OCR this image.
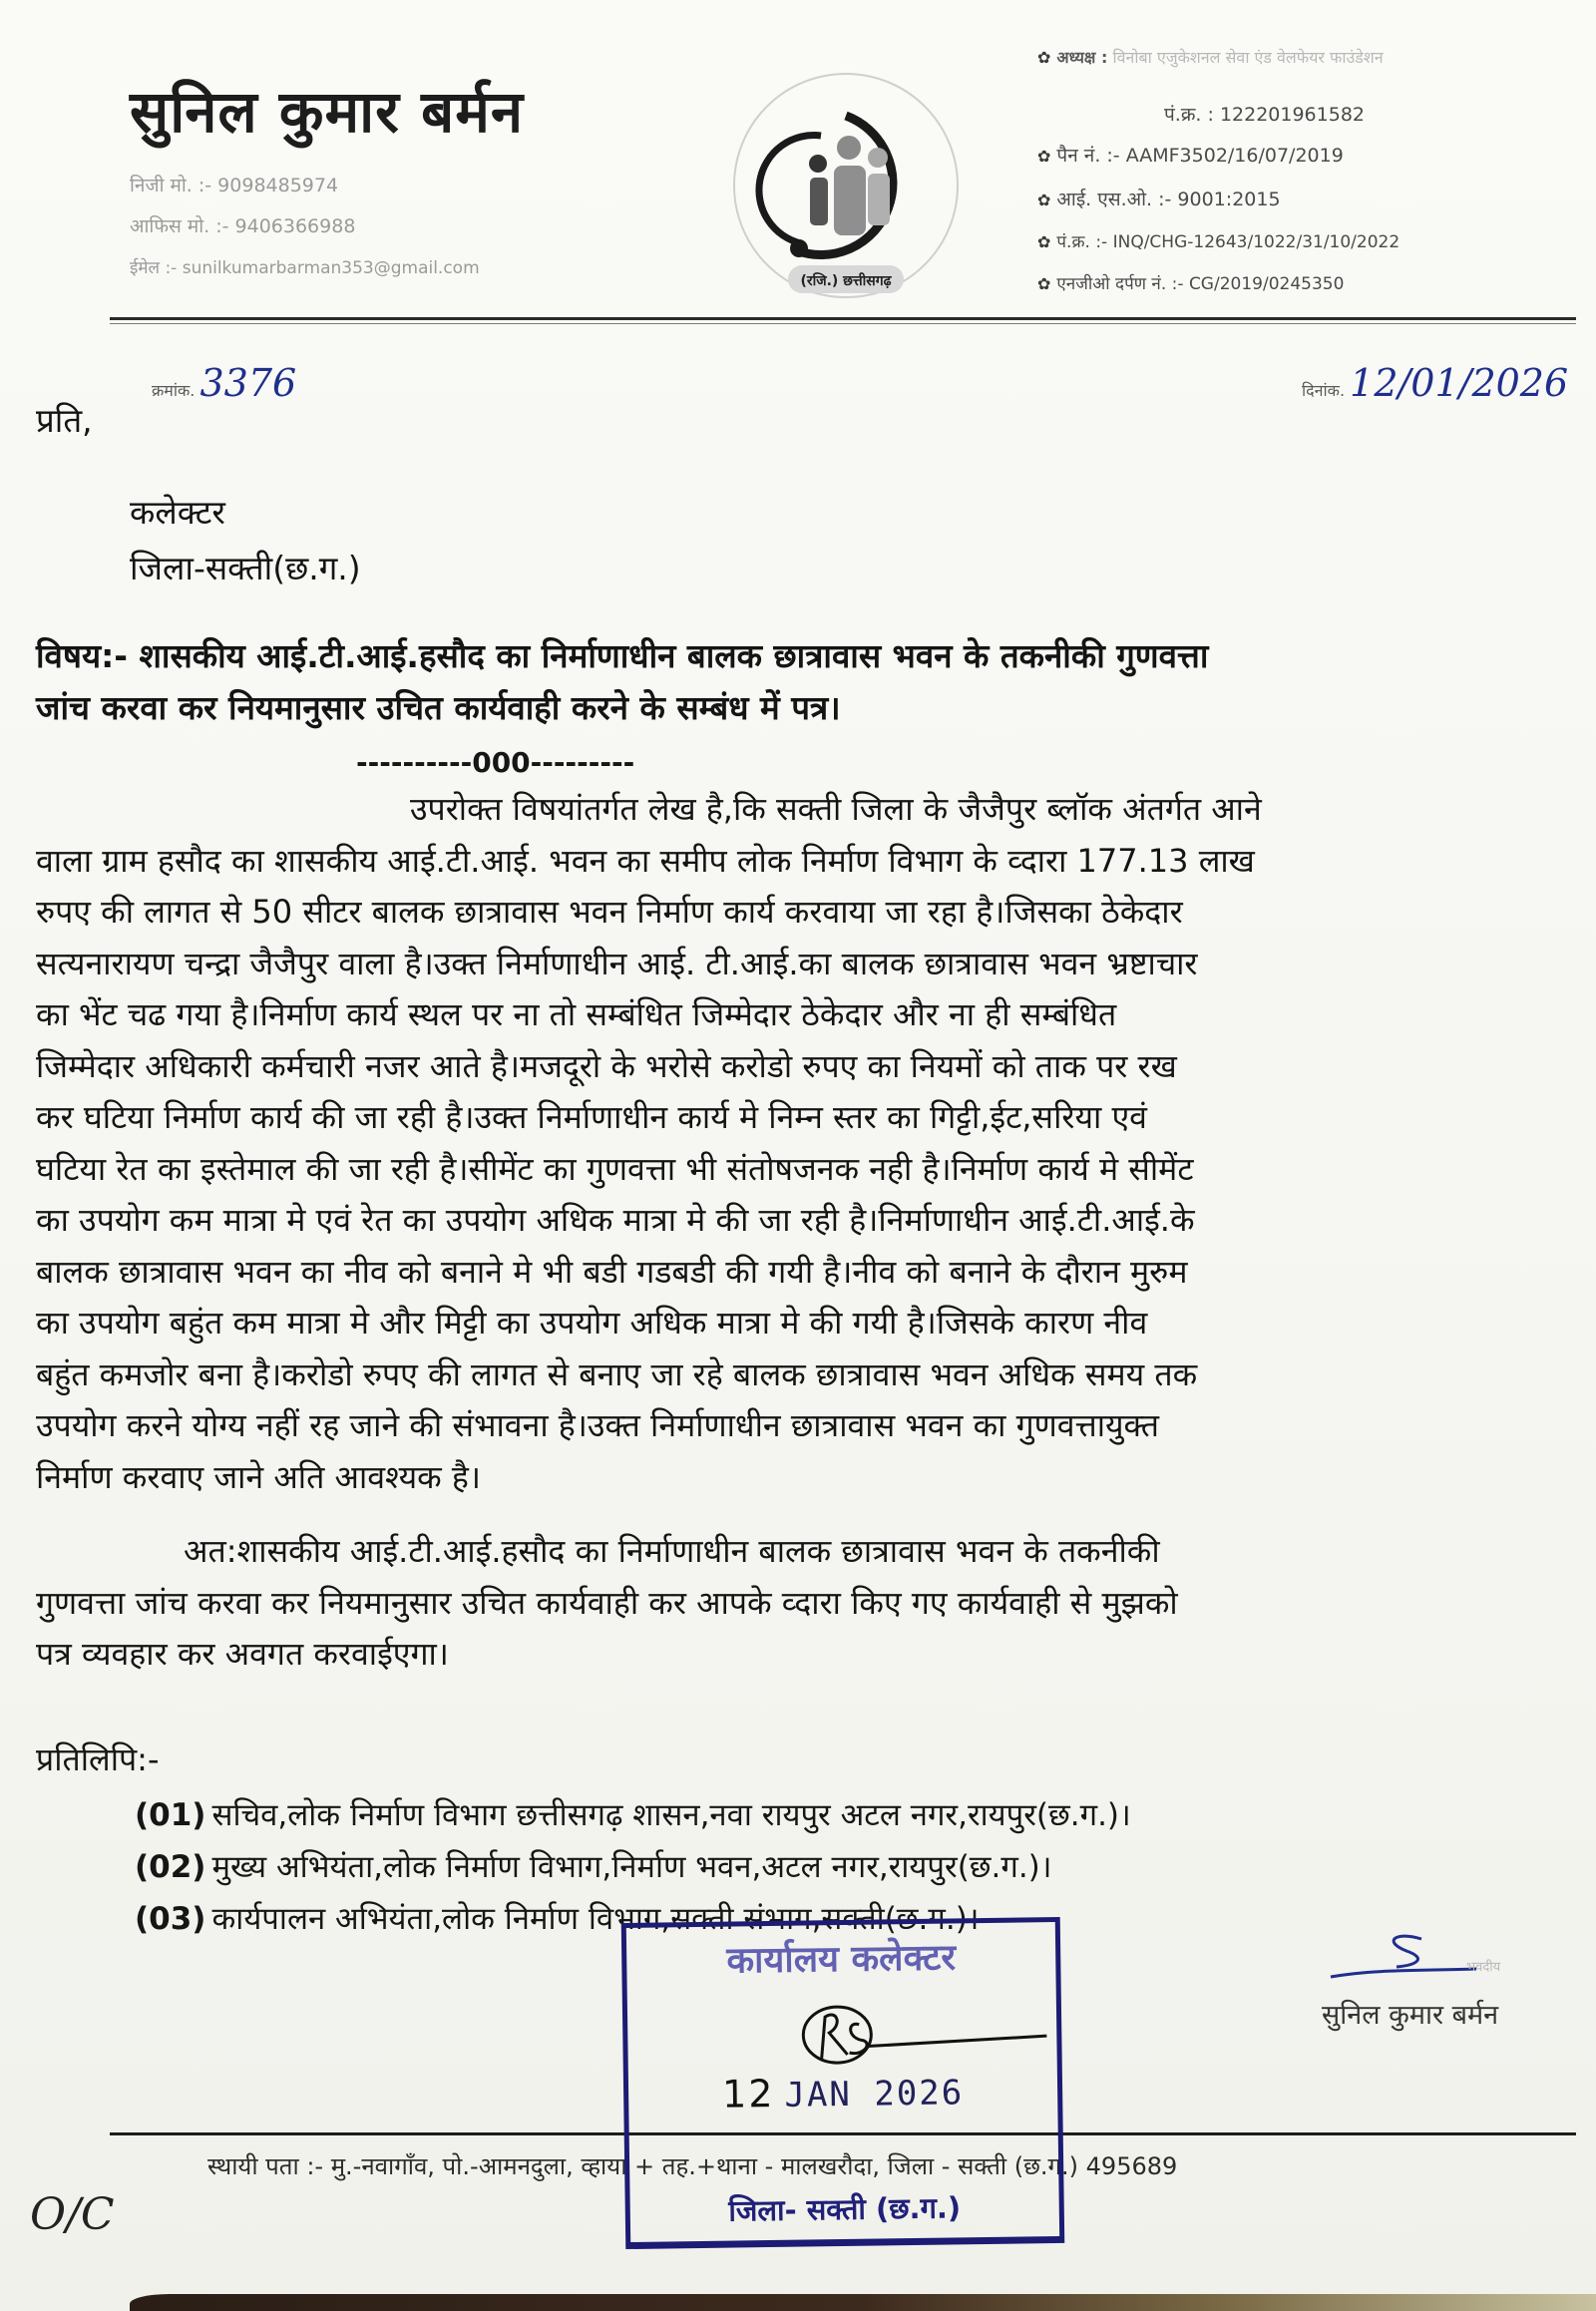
सुनिल कुमार बर्मन
निजी मो. :- 9098485974
आफिस मो. :- 9406366988
ईमेल :- sunilkumarbarman353@gmail.com
(रजि.) छत्तीसगढ़
✿ अध्यक्ष : विनोबा एजुकेशनल सेवा एंड वेलफेयर फाउंडेशन
पं.क्र. : 122201961582
✿ पैन नं. :- AAMF3502/16/07/2019
✿ आई. एस.ओ. :- 9001:2015
✿ पं.क्र. :- INQ/CHG-12643/1022/31/10/2022
✿ एनजीओ दर्पण नं. :- CG/2019/0245350
क्रमांक. 3376	दिनांक. 12/01/2026
प्रति,
कलेक्टर
जिला-सक्ती(छ.ग.)
विषय:- शासकीय आई.टी.आई.हसौद का निर्माणाधीन बालक छात्रावास भवन के तकनीकी गुणवत्ता
जांच करवा कर नियमानुसार उचित कार्यवाही करने के सम्बंध में पत्र।
----------000---------
उपरोक्त विषयांतर्गत लेख है,कि सक्ती जिला के जैजैपुर ब्लॉक अंतर्गत आने
वाला ग्राम हसौद का शासकीय आई.टी.आई. भवन का समीप लोक निर्माण विभाग के व्दारा 177.13 लाख
रुपए की लागत से 50 सीटर बालक छात्रावास भवन निर्माण कार्य करवाया जा रहा है।जिसका ठेकेदार
सत्यनारायण चन्द्रा जैजैपुर वाला है।उक्त निर्माणाधीन आई. टी.आई.का बालक छात्रावास भवन भ्रष्टाचार
का भेंट चढ गया है।निर्माण कार्य स्थल पर ना तो सम्बंधित जिम्मेदार ठेकेदार और ना ही सम्बंधित
जिम्मेदार अधिकारी कर्मचारी नजर आते है।मजदूरो के भरोसे करोडो रुपए का नियमों को ताक पर रख
कर घटिया निर्माण कार्य की जा रही है।उक्त निर्माणाधीन कार्य मे निम्न स्तर का गिट्टी,ईट,सरिया एवं
घटिया रेत का इस्तेमाल की जा रही है।सीमेंट का गुणवत्ता भी संतोषजनक नही है।निर्माण कार्य मे सीमेंट
का उपयोग कम मात्रा मे एवं रेत का उपयोग अधिक मात्रा मे की जा रही है।निर्माणाधीन आई.टी.आई.के
बालक छात्रावास भवन का नीव को बनाने मे भी बडी गडबडी की गयी है।नीव को बनाने के दौरान मुरुम
का उपयोग बहुंत कम मात्रा मे और मिट्टी का उपयोग अधिक मात्रा मे की गयी है।जिसके कारण नीव
बहुंत कमजोर बना है।करोडो रुपए की लागत से बनाए जा रहे बालक छात्रावास भवन अधिक समय तक
उपयोग करने योग्य नहीं रह जाने की संभावना है।उक्त निर्माणाधीन छात्रावास भवन का गुणवत्तायुक्त
निर्माण करवाए जाने अति आवश्यक है।
अत:शासकीय आई.टी.आई.हसौद का निर्माणाधीन बालक छात्रावास भवन के तकनीकी
गुणवत्ता जांच करवा कर नियमानुसार उचित कार्यवाही कर आपके व्दारा किए गए कार्यवाही से मुझको
पत्र व्यवहार कर अवगत करवाईएगा।
प्रतिलिपि:-
(01) सचिव,लोक निर्माण विभाग छत्तीसगढ़ शासन,नवा रायपुर अटल नगर,रायपुर(छ.ग.)।
(02) मुख्य अभियंता,लोक निर्माण विभाग,निर्माण भवन,अटल नगर,रायपुर(छ.ग.)।
(03) कार्यपालन अभियंता,लोक निर्माण विभाग,सक्ती संभाग,सक्ती(छ.ग.)।
भवदीय
सुनिल कुमार बर्मन
स्थायी पता :- मु.-नवागाँव, पो.-आमनदुला, व्हाया + तह.+थाना - मालखरौदा, जिला - सक्ती (छ.ग.) 495689
O/C
कार्यालय कलेक्टर
12 JAN 2026
जिला- सक्ती (छ.ग.)
